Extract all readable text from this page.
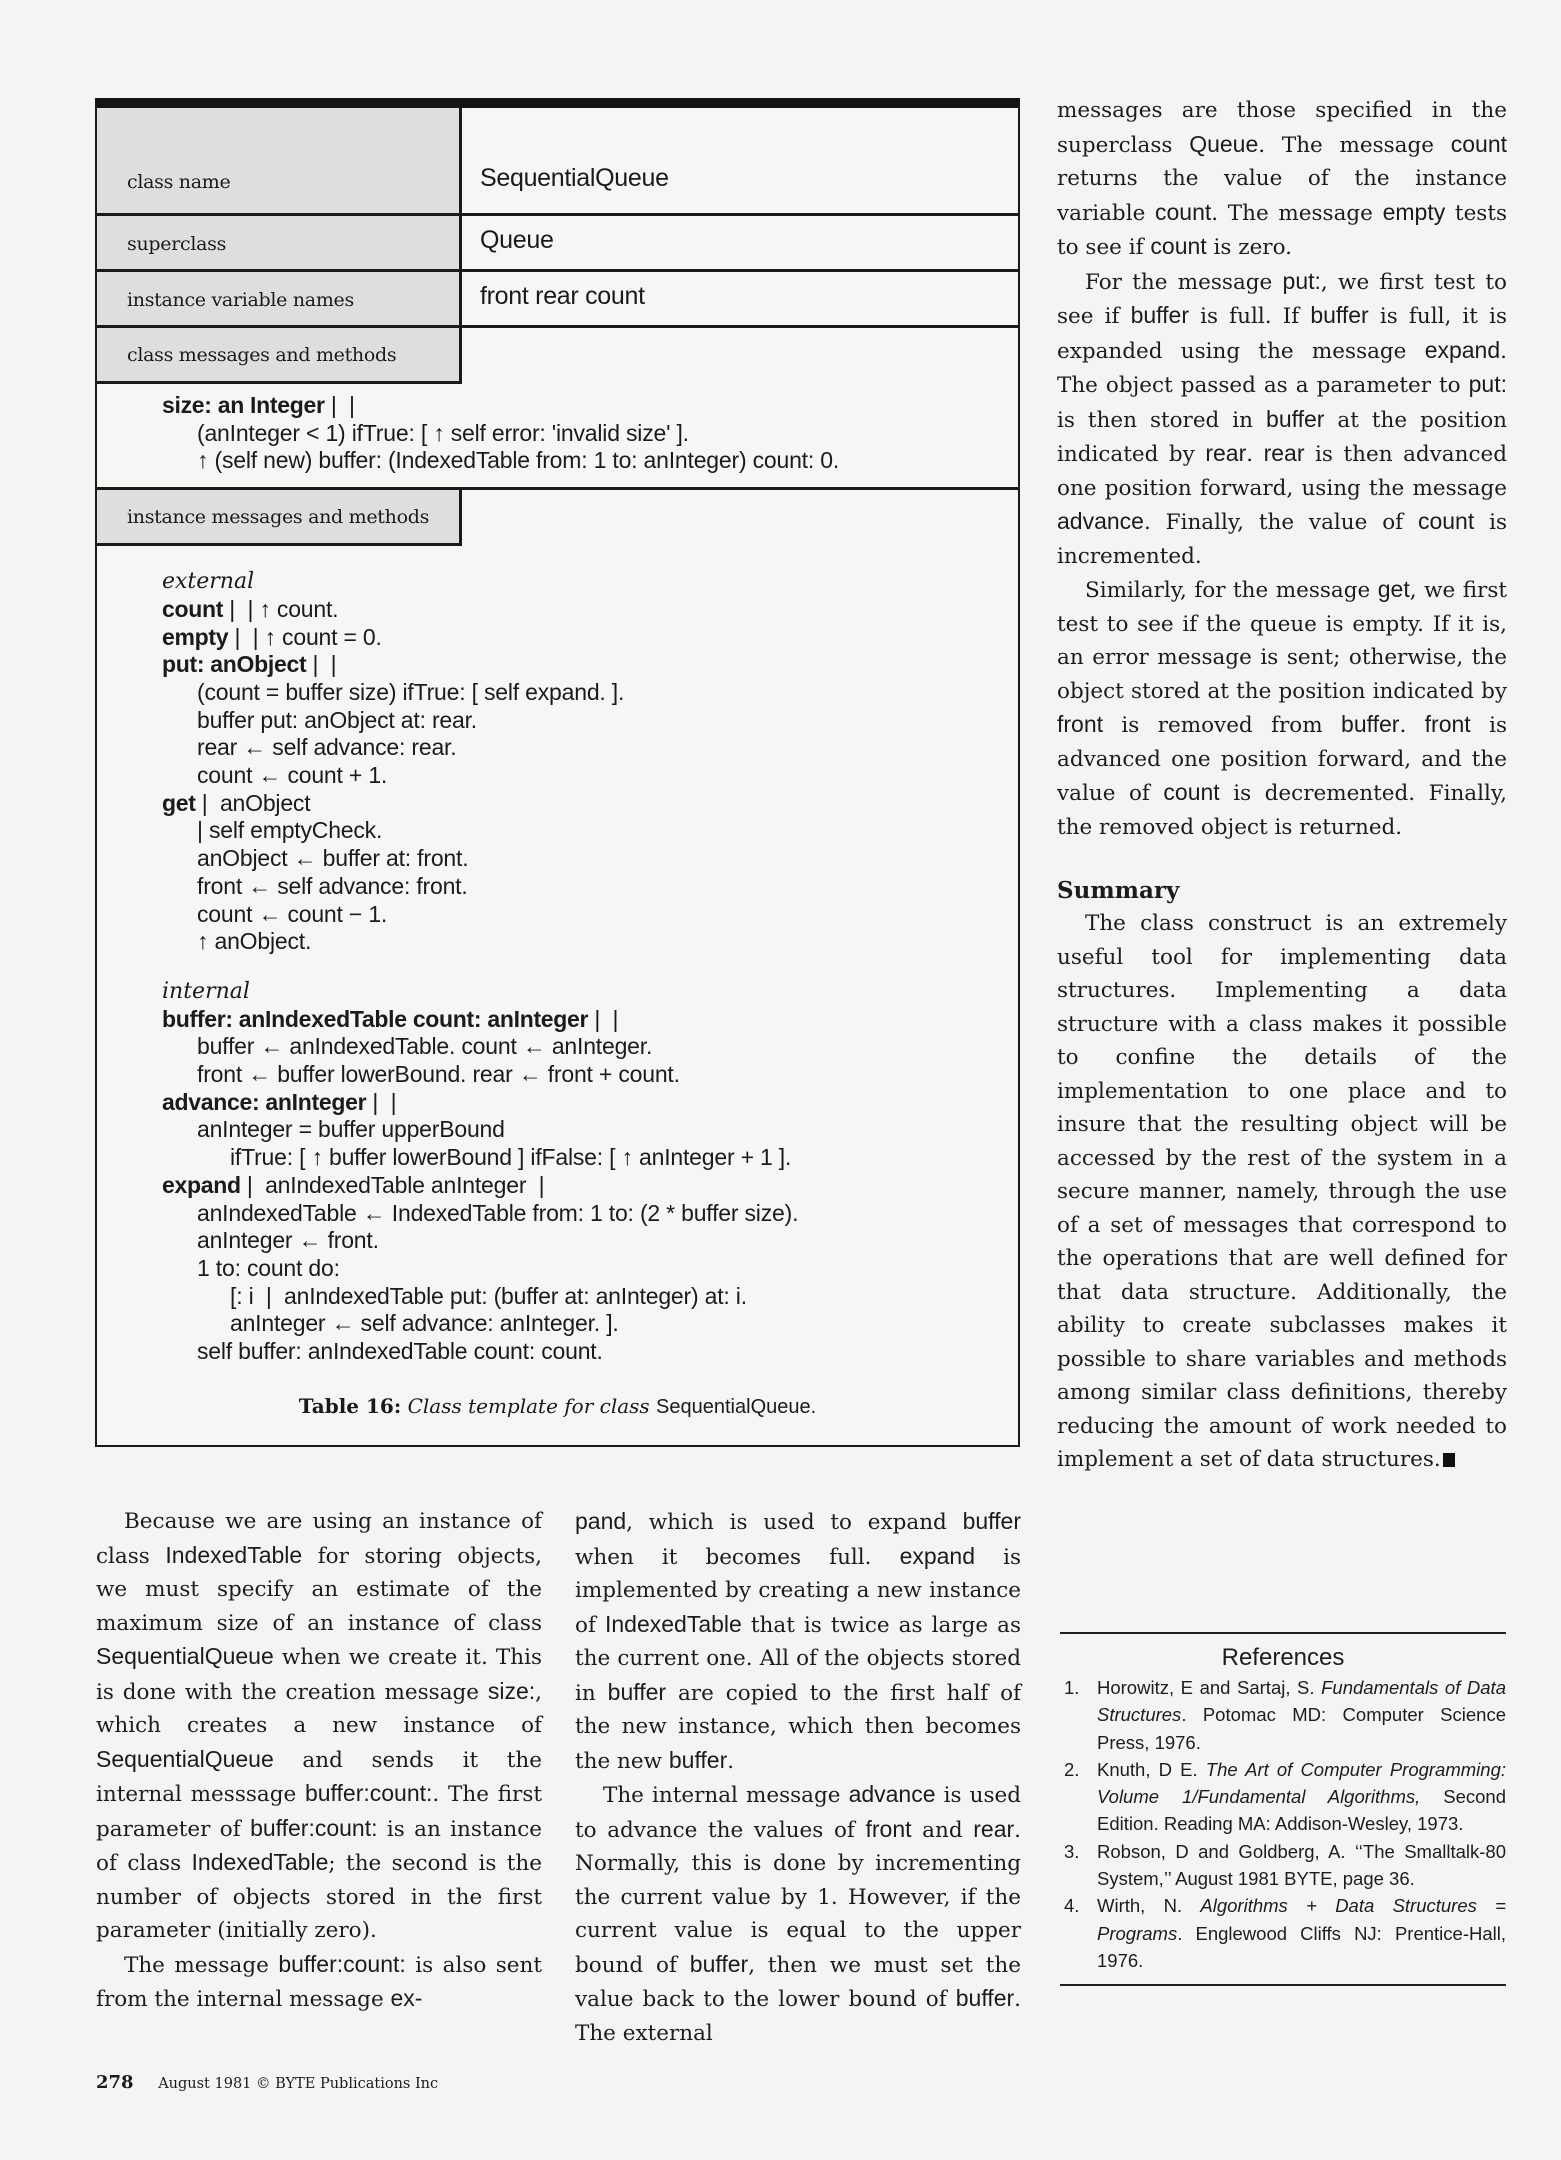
class name	SequentialQueue
superclass	Queue
instance variable names	front rear count
class messages and methods
size: an Integer |  |
(anInteger < 1) ifTrue: [ ↑ self error: 'invalid size' ].
↑ (self new) buffer: (IndexedTable from: 1 to: anInteger) count: 0.
instance messages and methods
external
count |  | ↑ count.
empty |  | ↑ count = 0.
put: anObject |  |
(count = buffer size) ifTrue: [ self expand. ].
buffer put: anObject at: rear.
rear ← self advance: rear.
count ← count + 1.
get |  anObject
| self emptyCheck.
anObject ← buffer at: front.
front ← self advance: front.
count ← count − 1.
↑ anObject.
internal
buffer: anIndexedTable count: anInteger |  |
buffer ← anIndexedTable. count ← anInteger.
front ← buffer lowerBound. rear ← front + count.
advance: anInteger |  |
anInteger = buffer upperBound
ifTrue: [ ↑ buffer lowerBound ] ifFalse: [ ↑ anInteger + 1 ].
expand |  anIndexedTable anInteger  |
anIndexedTable ← IndexedTable from: 1 to: (2 * buffer size).
anInteger ← front.
1 to: count do:
[: i  |  anIndexedTable put: (buffer at: anInteger) at: i.
anInteger ← self advance: anInteger. ].
self buffer: anIndexedTable count: count.
Table 16: Class template for class SequentialQueue.

Because we are using an instance of class IndexedTable for storing objects, we must specify an estimate of the maximum size of an instance of class SequentialQueue when we create it. This is done with the creation message size:, which creates a new instance of SequentialQueue and sends it the internal messsage buffer:count:. The first parameter of buffer:count: is an instance of class IndexedTable; the second is the number of objects stored in the first parameter (initially zero).

The message buffer:count: is also sent from the internal message ex-

pand, which is used to expand buffer when it becomes full. expand is implemented by creating a new instance of IndexedTable that is twice as large as the current one. All of the objects stored in buffer are copied to the first half of the new instance, which then becomes the new buffer.

The internal message advance is used to advance the values of front and rear. Normally, this is done by incrementing the current value by 1. However, if the current value is equal to the upper bound of buffer, then we must set the value back to the lower bound of buffer. The external

messages are those specified in the superclass Queue. The message count returns the value of the instance variable count. The message empty tests to see if count is zero.

For the message put:, we first test to see if buffer is full. If buffer is full, it is expanded using the message expand. The object passed as a parameter to put: is then stored in buffer at the position indicated by rear. rear is then advanced one position forward, using the message advance. Finally, the value of count is incremented.

Similarly, for the message get, we first test to see if the queue is empty. If it is, an error message is sent; otherwise, the object stored at the position indicated by front is removed from buffer. front is advanced one position forward, and the value of count is decremented. Finally, the removed object is returned.

Summary

The class construct is an extremely useful tool for implementing data structures. Implementing a data structure with a class makes it possible to confine the details of the implementation to one place and to insure that the resulting object will be accessed by the rest of the system in a secure manner, namely, through the use of a set of messages that correspond to the operations that are well defined for that data structure. Additionally, the ability to create subclasses makes it possible to share variables and methods among similar class definitions, thereby reducing the amount of work needed to implement a set of data structures.

References
1. Horowitz, E and Sartaj, S. Fundamentals of Data Structures. Potomac MD: Computer Science Press, 1976.
2. Knuth, D E. The Art of Computer Programming: Volume 1/Fundamental Algorithms, Second Edition. Reading MA: Addison-Wesley, 1973.
3. Robson, D and Goldberg, A. ‘‘The Smalltalk-80 System,’’ August 1981 BYTE, page 36.
4. Wirth, N. Algorithms + Data Structures = Programs. Englewood Cliffs NJ: Prentice-Hall, 1976.
278 August 1981 © BYTE Publications Inc
